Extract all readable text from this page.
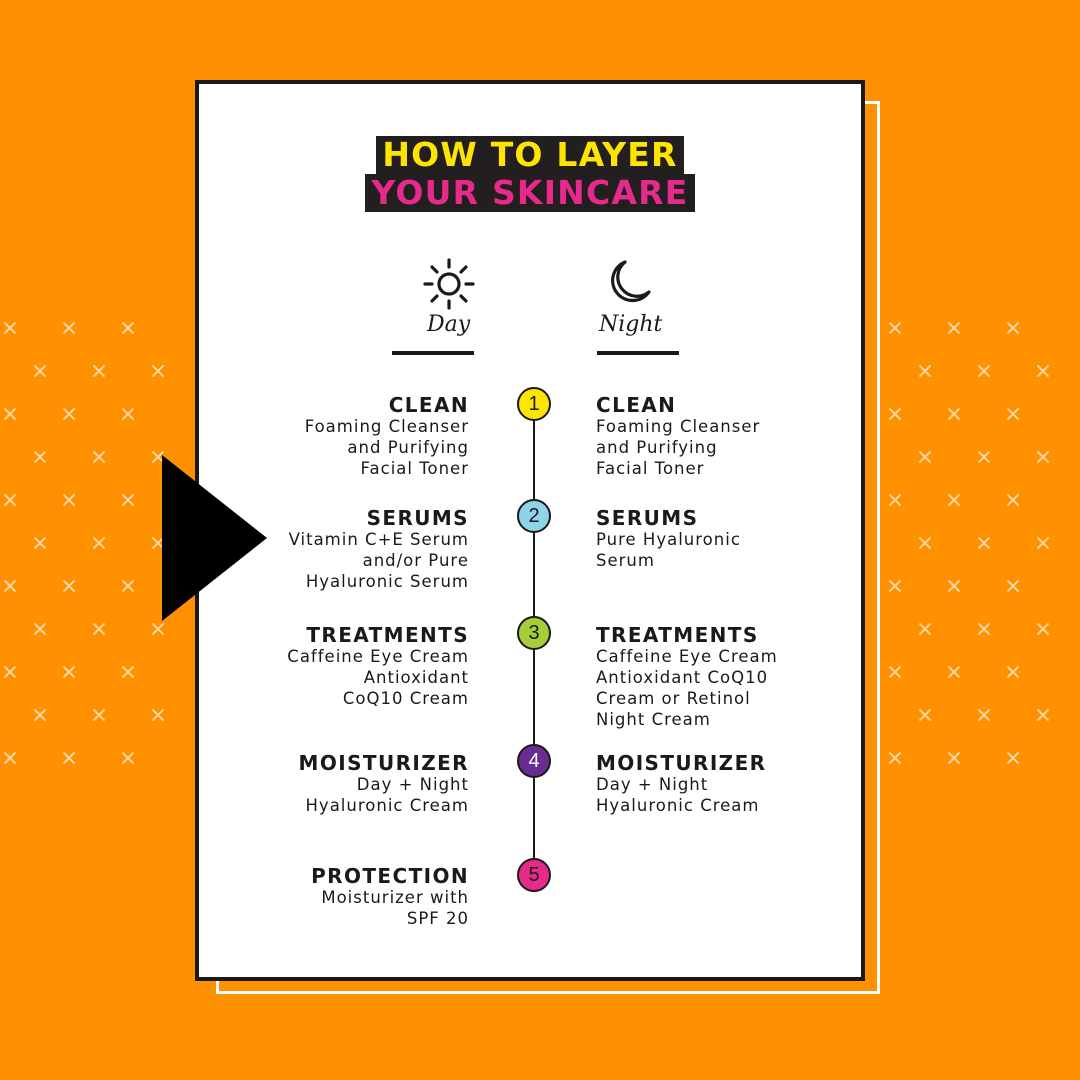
HOW TO LAYER
YOUR SKINCARE
Day	Night
1
CLEAN
Foaming Cleanser
and Purifying
Facial Toner
CLEAN
Foaming Cleanser
and Purifying
Facial Toner
2
SERUMS
Vitamin C+E Serum
and/or Pure
Hyaluronic Serum
SERUMS
Pure Hyaluronic
Serum
3
TREATMENTS
Caffeine Eye Cream
Antioxidant
CoQ10 Cream
TREATMENTS
Caffeine Eye Cream
Antioxidant CoQ10
Cream or Retinol
Night Cream
4
MOISTURIZER
Day + Night
Hyaluronic Cream
MOISTURIZER
Day + Night
Hyaluronic Cream
5
PROTECTION
Moisturizer with
SPF 20
